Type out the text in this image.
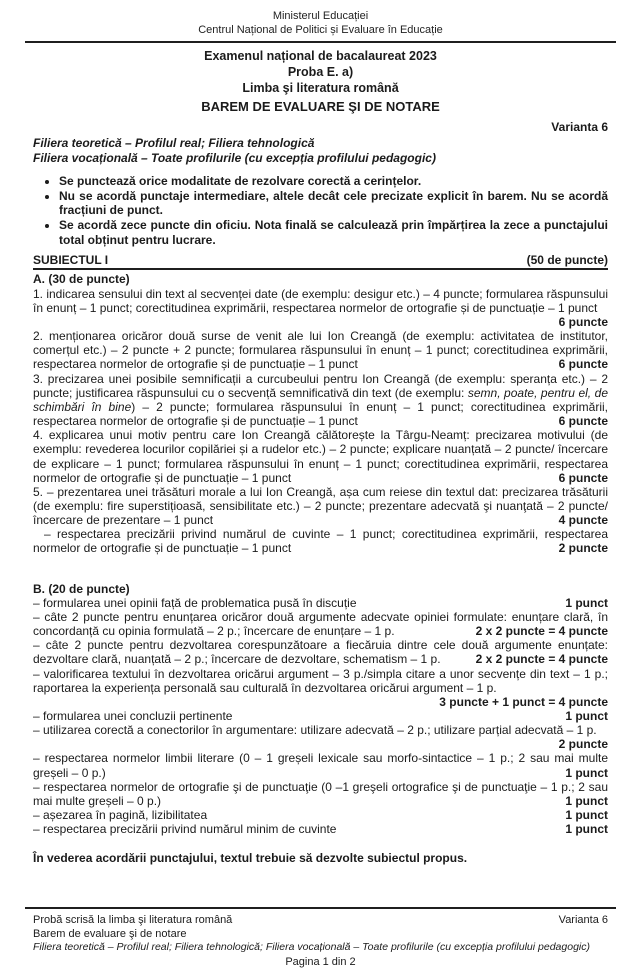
Ministerul Educației
Centrul Național de Politici și Evaluare în Educație
Examenul național de bacalaureat 2023
Proba E. a)
Limba şi literatura română
BAREM DE EVALUARE ŞI DE NOTARE
Varianta 6
Filiera teoretică – Profilul real; Filiera tehnologică
Filiera vocațională – Toate profilurile (cu excepția profilului pedagogic)
• Se punctează orice modalitate de rezolvare corectă a cerințelor.
• Nu se acordă punctaje intermediare, altele decât cele precizate explicit în barem. Nu se acordă fracțiuni de punct.
• Se acordă zece puncte din oficiu. Nota finală se calculează prin împărțirea la zece a punctajului total obținut pentru lucrare.
SUBIECTUL I	(50 de puncte)
A. (30 de puncte)

1. indicarea sensului din text al secvenței date (de exemplu: desigur etc.) – 4 puncte; formularea răspunsului în enunț – 1 punct; corectitudinea exprimării, respectarea normelor de ortografie și de punctuație – 1 punct
6 puncte

2. menționarea oricăror două surse de venit ale lui Ion Creangă (de exemplu: activitatea de institutor, comerțul etc.) – 2 puncte + 2 puncte; formularea răspunsului în enunț – 1 punct; corectitudinea exprimării, respectarea normelor de ortografie și de punctuație – 1 punct	6 puncte

3. precizarea unei posibile semnificații a curcubeului pentru Ion Creangă (de exemplu: speranța etc.) – 2 puncte; justificarea răspunsului cu o secvență semnificativă din text (de exemplu: semn, poate, pentru el, de schimbări în bine) – 2 puncte; formularea răspunsului în enunț – 1 punct; corectitudinea exprimării, respectarea normelor de ortografie și de punctuație – 1 punct	6 puncte

4. explicarea unui motiv pentru care Ion Creangă călătorește la Târgu-Neamț: precizarea motivului (de exemplu: revederea locurilor copilăriei și a rudelor etc.) – 2 puncte; explicare nuanțată – 2 puncte/ încercare de explicare – 1 punct; formularea răspunsului în enunț – 1 punct; corectitudinea exprimării, respectarea normelor de ortografie și de punctuație – 1 punct	6 puncte

5. – prezentarea unei trăsături morale a lui Ion Creangă, așa cum reiese din textul dat: precizarea trăsăturii (de exemplu: fire superstițioasă, sensibilitate etc.) – 2 puncte; prezentare adecvată şi nuanţată – 2 puncte/încercare de prezentare – 1 punct	4 puncte

– respectarea precizării privind numărul de cuvinte – 1 punct; corectitudinea exprimării, respectarea normelor de ortografie și de punctuație – 1 punct	2 puncte

B. (20 de puncte)

– formularea unei opinii față de problematica pusă în discuție	1 punct

– câte 2 puncte pentru enunțarea oricăror două argumente adecvate opiniei formulate: enunțare clară, în concordanță cu opinia formulată – 2 p.; încercare de enunțare – 1 p.	2 x 2 puncte = 4 puncte

– câte 2 puncte pentru dezvoltarea corespunzătoare a fiecăruia dintre cele două argumente enunțate: dezvoltare clară, nuanțată – 2 p.; încercare de dezvoltare, schematism – 1 p.	2 x 2 puncte = 4 puncte

– valorificarea textului în dezvoltarea oricărui argument – 3 p./simpla citare a unor secvențe din text – 1 p.; raportarea la experiența personală sau culturală în dezvoltarea oricărui argument – 1 p.

3 puncte + 1 punct = 4 puncte

– formularea unei concluzii pertinente	1 punct

– utilizarea corectă a conectorilor în argumentare: utilizare adecvată – 2 p.; utilizare parțial adecvată – 1 p.
2 puncte

– respectarea normelor limbii literare (0 – 1 greșeli lexicale sau morfo-sintactice – 1 p.; 2 sau mai multe greșeli – 0 p.)	1 punct

– respectarea normelor de ortografie şi de punctuaţie (0 –1 greşeli ortografice şi de punctuaţie – 1 p.; 2 sau mai multe greșeli – 0 p.)	1 punct

– așezarea în pagină, lizibilitatea	1 punct

– respectarea precizării privind numărul minim de cuvinte	1 punct

În vederea acordării punctajului, textul trebuie să dezvolte subiectul propus.
Probă scrisă la limba şi literatura română	Varianta 6
Barem de evaluare şi de notare
Filiera teoretică – Profilul real; Filiera tehnologică; Filiera vocațională – Toate profilurile (cu excepția profilului pedagogic)
Pagina 1 din 2
